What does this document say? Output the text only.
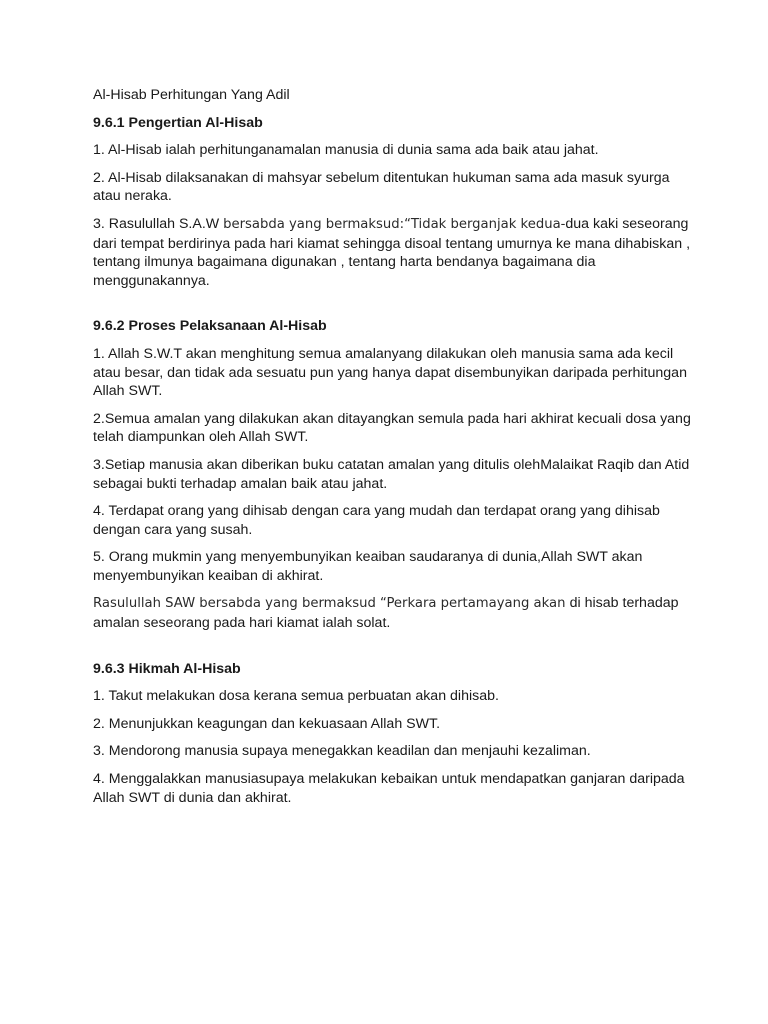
Al-Hisab Perhitungan Yang Adil

9.6.1 Pengertian Al-Hisab

1. Al-Hisab ialah perhitunganamalan manusia di dunia sama ada baik atau jahat.

2. Al-Hisab dilaksanakan di mahsyar sebelum ditentukan hukuman sama ada masuk syurga atau neraka.

3. Rasulullah S.A.W bersabda yang bermaksud:“Tidak berganjak kedua-dua kaki seseorang dari tempat berdirinya pada hari kiamat sehingga disoal tentang umurnya ke mana dihabiskan , tentang ilmunya bagaimana digunakan , tentang harta bendanya bagaimana dia menggunakannya.

9.6.2 Proses Pelaksanaan Al-Hisab

1. Allah S.W.T akan menghitung semua amalanyang dilakukan oleh manusia sama ada kecil atau besar, dan tidak ada sesuatu pun yang hanya dapat disembunyikan daripada perhitungan Allah SWT.

2.Semua amalan yang dilakukan akan ditayangkan semula pada hari akhirat kecuali dosa yang telah diampunkan oleh Allah SWT.

3.Setiap manusia akan diberikan buku catatan amalan yang ditulis olehMalaikat Raqib dan Atid sebagai bukti terhadap amalan baik atau jahat.

4. Terdapat orang yang dihisab dengan cara yang mudah dan terdapat orang yang dihisab dengan cara yang susah.

5. Orang mukmin yang menyembunyikan keaiban saudaranya di dunia,Allah SWT akan menyembunyikan keaiban di akhirat.

Rasulullah SAW bersabda yang bermaksud “Perkara pertamayang akan di hisab terhadap amalan seseorang pada hari kiamat ialah solat.

9.6.3 Hikmah Al-Hisab

1. Takut melakukan dosa kerana semua perbuatan akan dihisab.

2. Menunjukkan keagungan dan kekuasaan Allah SWT.

3. Mendorong manusia supaya menegakkan keadilan dan menjauhi kezaliman.

4. Menggalakkan manusiasupaya melakukan kebaikan untuk mendapatkan ganjaran daripada Allah SWT di dunia dan akhirat.
